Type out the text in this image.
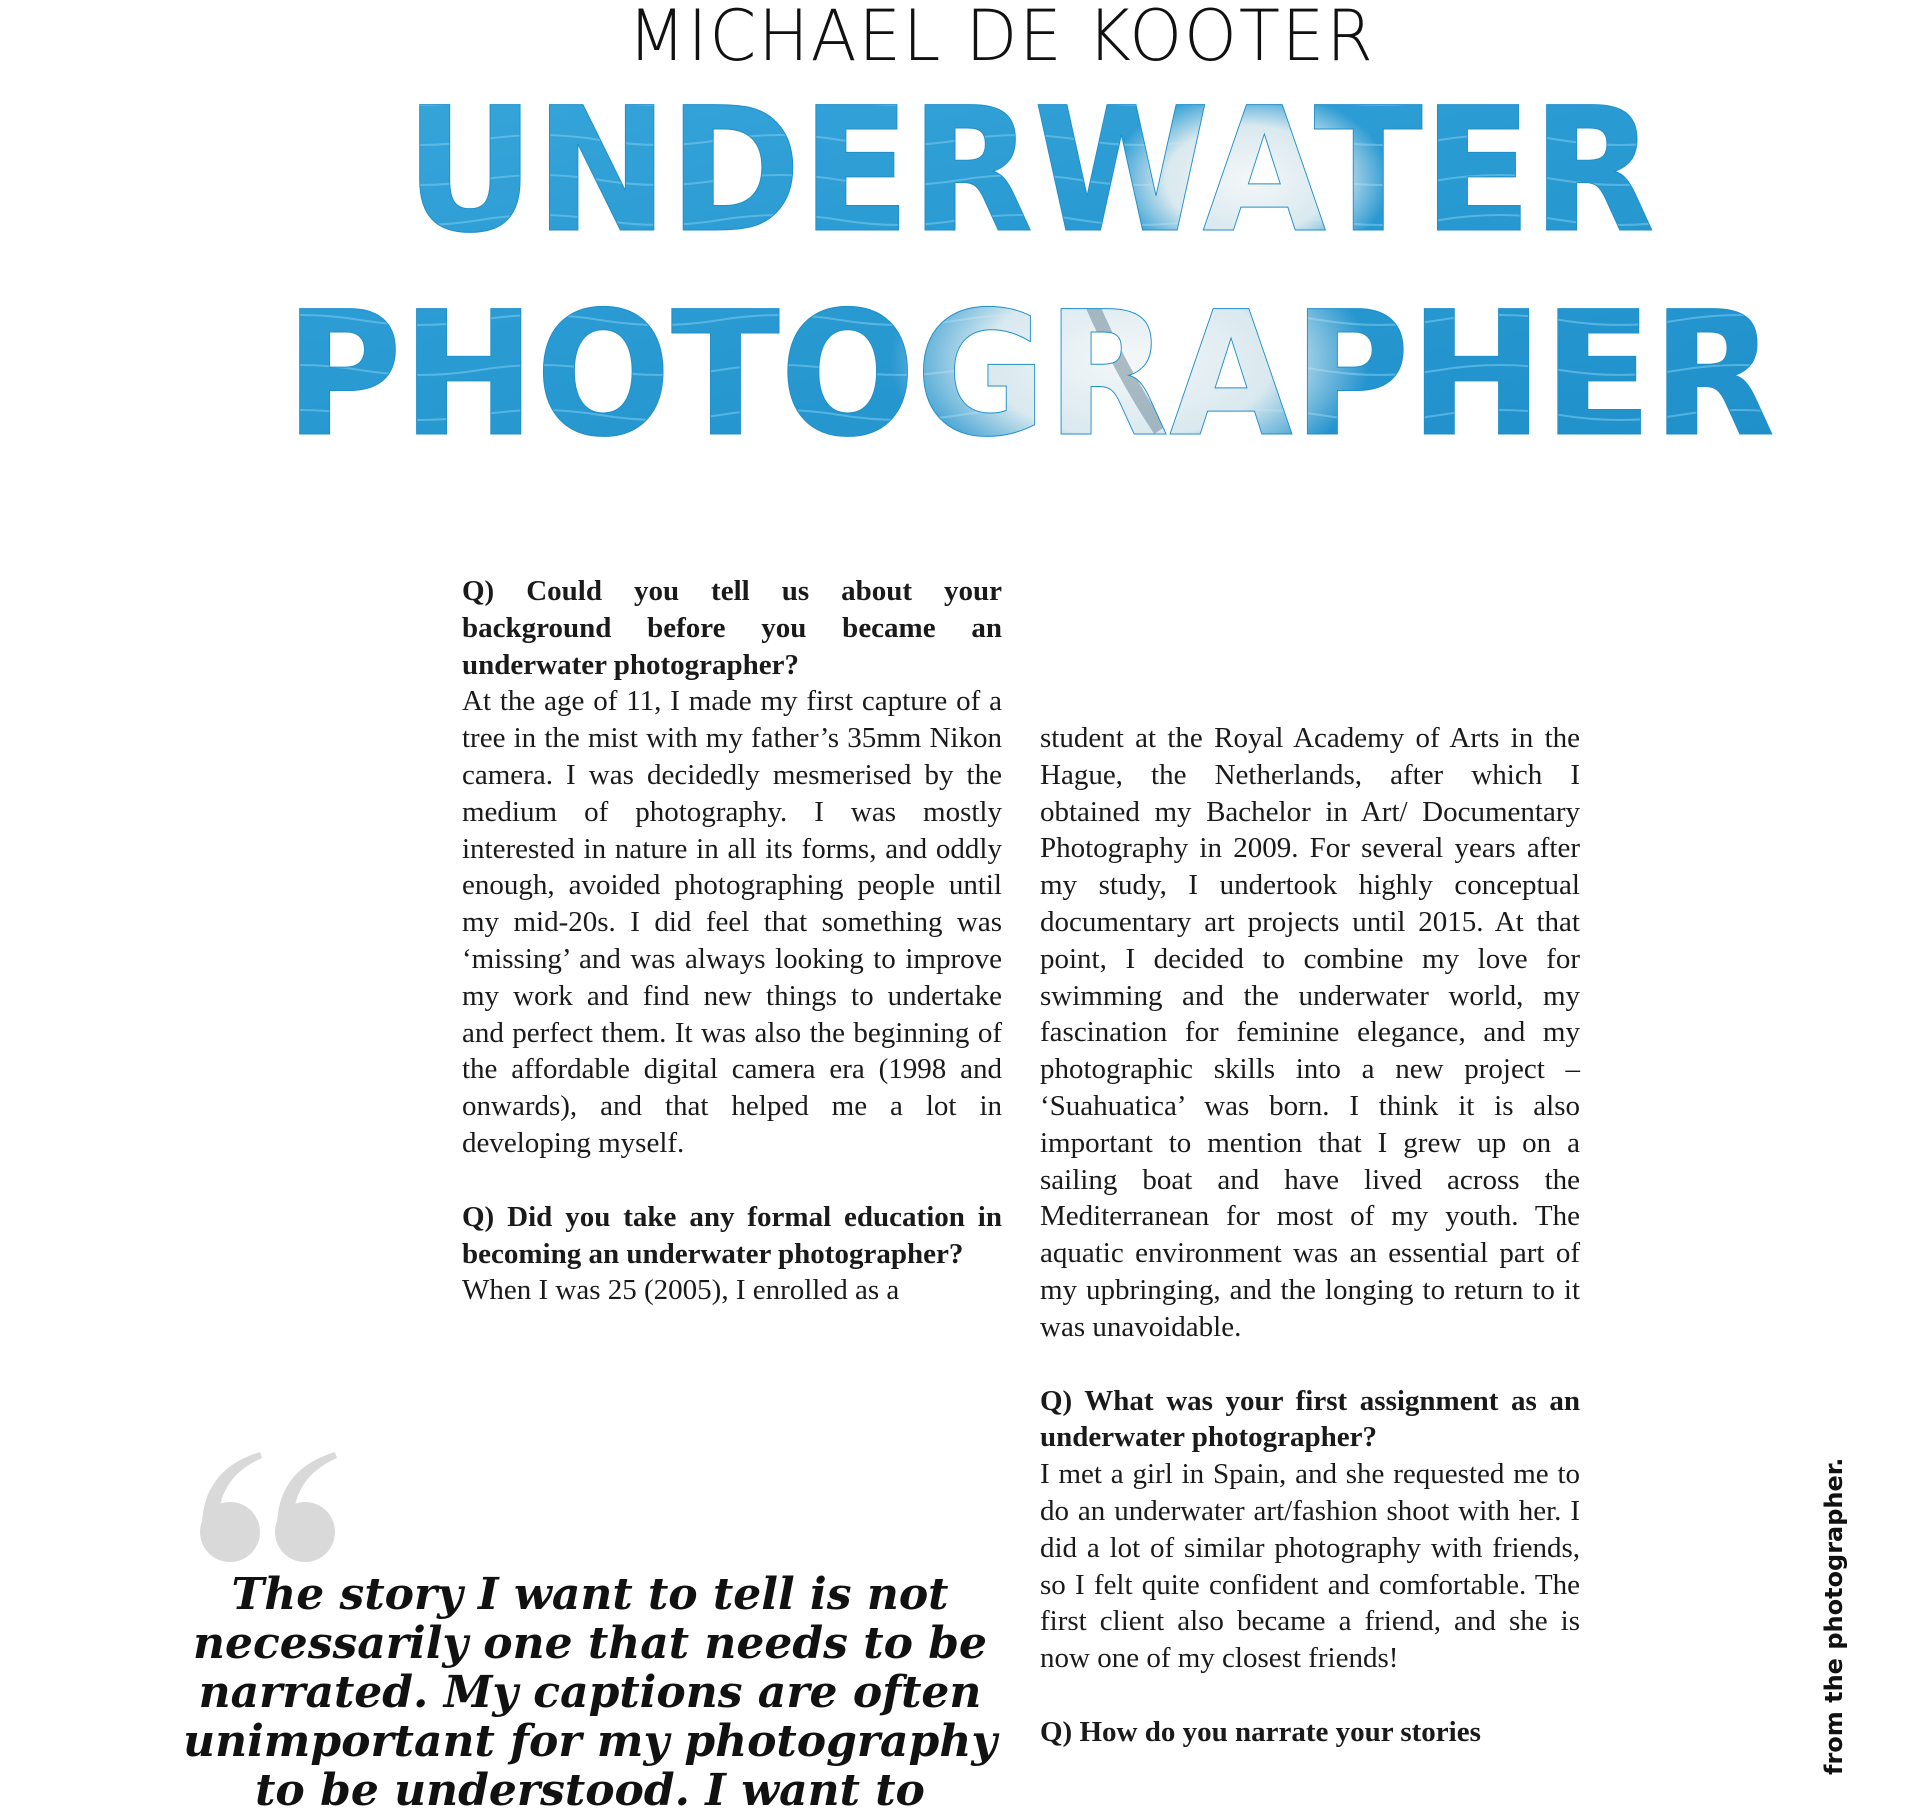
MICHAEL DE KOOTER
UNDERWATER
PHOTOGRAPHER

Q) Could you tell us about your background before you became an underwater photographer?

At the age of 11, I made my first capture of a tree in the mist with my father’s 35mm Nikon camera. I was decidedly mesmerised by the medium of photography. I was mostly interested in nature in all its forms, and oddly enough, avoided photographing people until my mid-20s. I did feel that something was ‘missing’ and was always looking to improve my work and find new things to undertake and perfect them. It was also the beginning of the affordable digital camera era (1998 and onwards), and that helped me a lot in developing myself.

Q) Did you take any formal education in becoming an underwater photographer?

When I was 25 (2005), I enrolled as a

student at the Royal Academy of Arts in the Hague, the Netherlands, after which I obtained my Bachelor in Art/ Documentary Photography in 2009. For several years after my study, I undertook highly conceptual documentary art projects until 2015. At that point, I decided to combine my love for swimming and the underwater world, my fascination for feminine elegance, and my photographic skills into a new project – ‘Suahuatica’ was born. I think it is also important to mention that I grew up on a sailing boat and have lived across the Mediterranean for most of my youth. The aquatic environment was an essential part of my upbringing, and the longing to return to it was unavoidable.

Q) What was your first assignment as an underwater photographer?

I met a girl in Spain, and she requested me to do an underwater art/fashion shoot with her. I did a lot of similar photography with friends, so I felt quite confident and comfortable. The first client also became a friend, and she is now one of my closest friends!

Q) How do you narrate your stories

The story I want to tell is not necessarily one that needs to be narrated. My captions are often unimportant for my photography to be understood. I want to

from the photographer.
